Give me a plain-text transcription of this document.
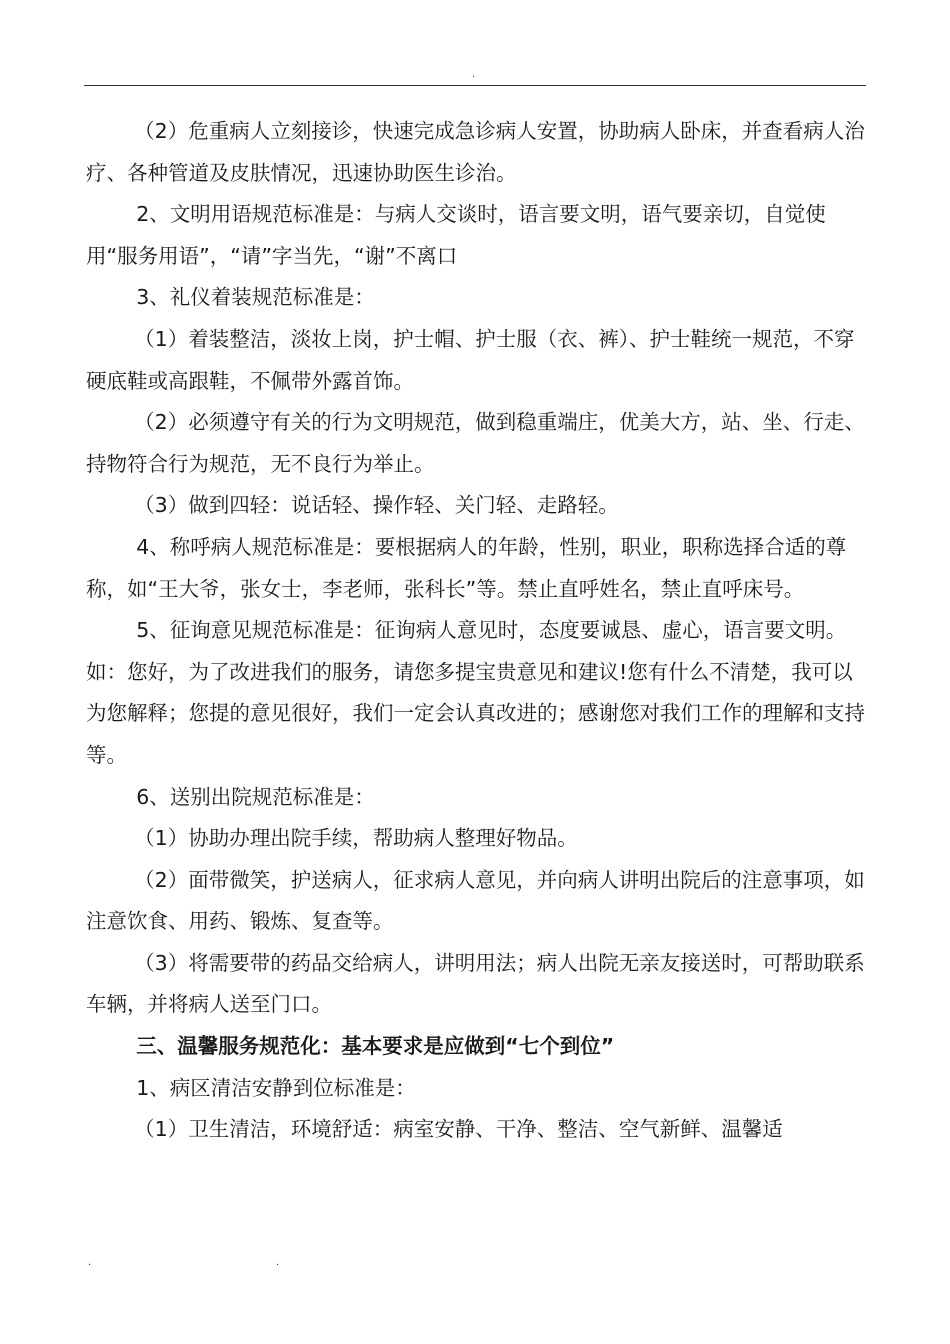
.

（2）危重病人立刻接诊，快速完成急诊病人安置，协助病人卧床，并查看病人治疗、各种管道及皮肤情况，迅速协助医生诊治。

2、文明用语规范标准是：与病人交谈时，语言要文明，语气要亲切，自觉使用“服务用语”，“请”字当先，“谢”不离口

3、礼仪着装规范标准是：

（1）着装整洁，淡妆上岗，护士帽、护士服（衣、裤）、护士鞋统一规范，不穿硬底鞋或高跟鞋，不佩带外露首饰。

（2）必须遵守有关的行为文明规范，做到稳重端庄，优美大方，站、坐、行走、持物符合行为规范，无不良行为举止。

（3）做到四轻：说话轻、操作轻、关门轻、走路轻。

4、称呼病人规范标准是：要根据病人的年龄，性别，职业，职称选择合适的尊称，如“王大爷，张女士，李老师，张科长”等。禁止直呼姓名，禁止直呼床号。

5、征询意见规范标准是：征询病人意见时，态度要诚恳、虚心，语言要文明。如：您好，为了改进我们的服务，请您多提宝贵意见和建议!您有什么不清楚，我可以为您解释；您提的意见很好，我们一定会认真改进的；感谢您对我们工作的理解和支持等。

6、送别出院规范标准是：

（1）协助办理出院手续，帮助病人整理好物品。

（2）面带微笑，护送病人，征求病人意见，并向病人讲明出院后的注意事项，如注意饮食、用药、锻炼、复查等。

（3）将需要带的药品交给病人，讲明用法；病人出院无亲友接送时，可帮助联系车辆，并将病人送至门口。

三、温馨服务规范化：基本要求是应做到“七个到位”

1、病区清洁安静到位标准是：

（1）卫生清洁，环境舒适：病室安静、干净、整洁、空气新鲜、温馨适

.	.
